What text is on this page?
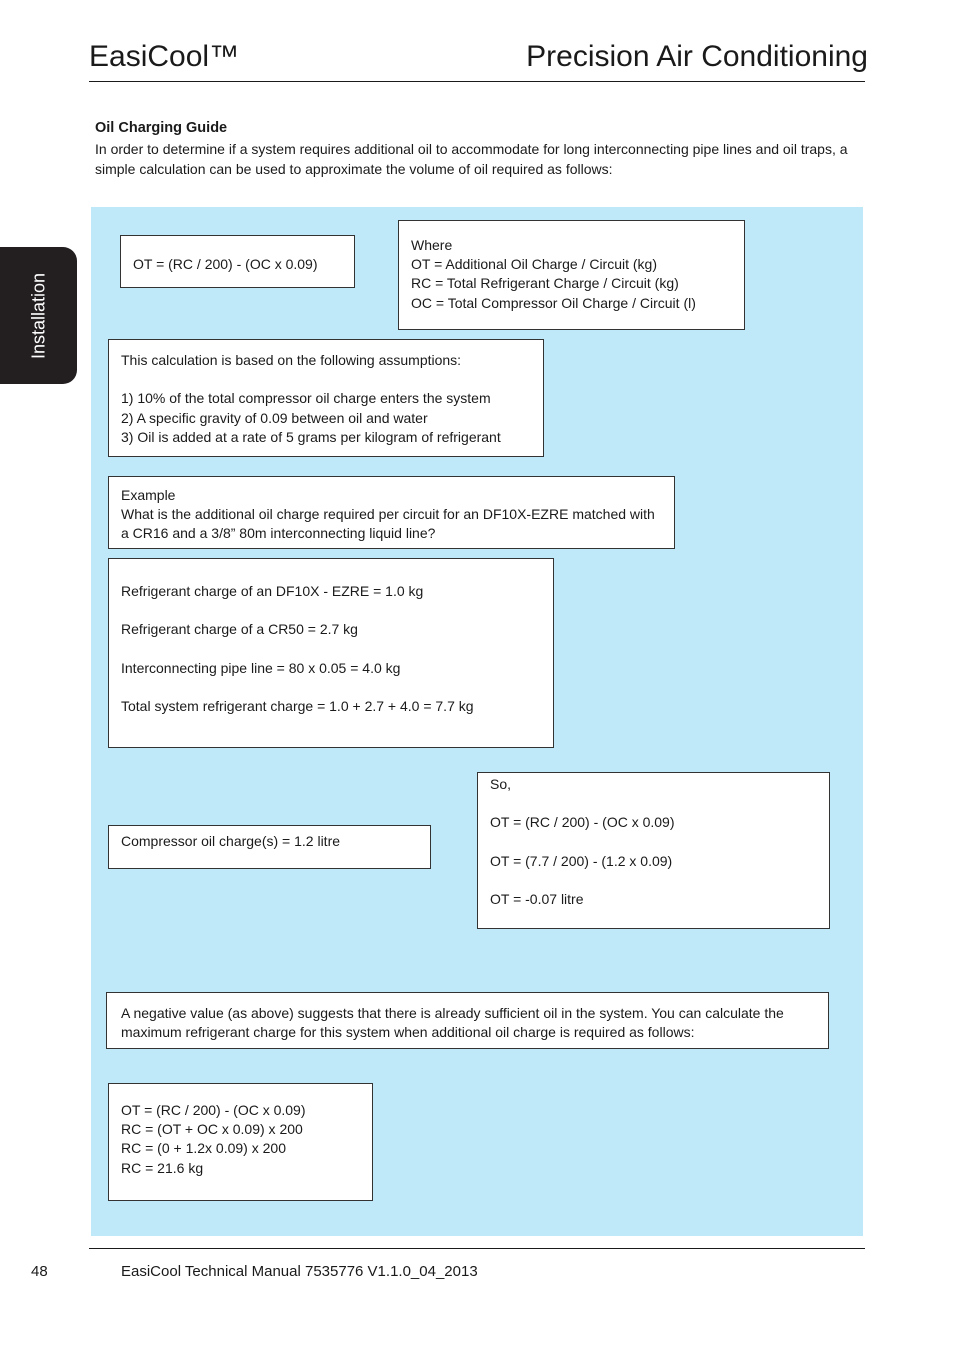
EasiCool™	Precision Air Conditioning
Installation
Oil Charging Guide
In order to determine if a system requires additional oil to accommodate for long interconnecting pipe lines and oil traps, a simple calculation can be used to approximate the volume of oil required as follows:
OT = (RC / 200) - (OC x 0.09)
Where
OT = Additional Oil Charge / Circuit (kg)
RC = Total Refrigerant Charge / Circuit (kg)
OC = Total Compressor Oil Charge / Circuit (l)
This calculation is based on the following assumptions:
1) 10% of the total compressor oil charge enters the system
2) A specific gravity of 0.09 between oil and water
3) Oil is added at a rate of 5 grams per kilogram of refrigerant
Example
What is the additional oil charge required per circuit for an DF10X-EZRE matched with
a CR16 and a 3/8” 80m interconnecting liquid line?
Refrigerant charge of an DF10X - EZRE = 1.0 kg
Refrigerant charge of a CR50 = 2.7 kg
Interconnecting pipe line = 80 x 0.05 = 4.0 kg
Total system refrigerant charge = 1.0 + 2.7 + 4.0 = 7.7 kg
Compressor oil charge(s) = 1.2 litre
So,
OT = (RC / 200) - (OC x 0.09)
OT = (7.7 / 200) - (1.2 x 0.09)
OT = -0.07 litre
A negative value (as above) suggests that there is already sufficient oil in the system. You can calculate the
maximum refrigerant charge for this system when additional oil charge is required as follows:
OT = (RC / 200) - (OC x 0.09)
RC = (OT + OC x 0.09) x 200
RC = (0 + 1.2x 0.09) x 200
RC = 21.6 kg
48	EasiCool Technical Manual 7535776 V1.1.0_04_2013
